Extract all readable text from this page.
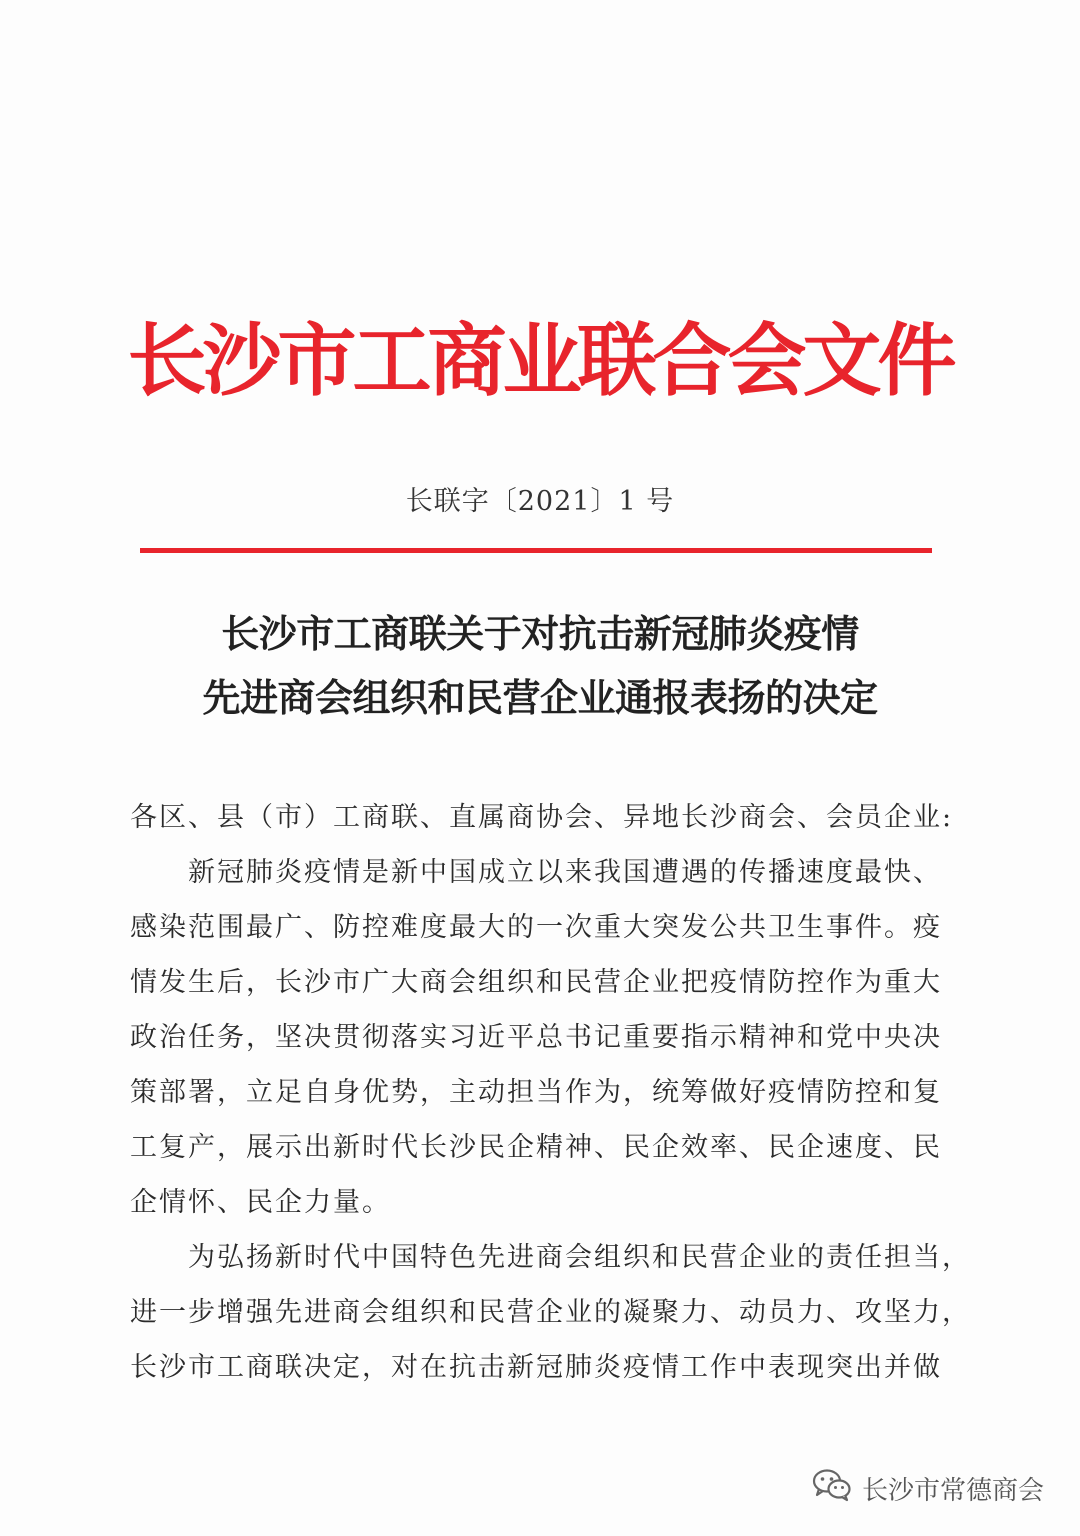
长沙市工商业联合会文件
长联字〔2021〕1 号
长沙市工商联关于对抗击新冠肺炎疫情
先进商会组织和民营企业通报表扬的决定
各区、县（市）工商联、直属商协会、异地长沙商会、会员企业:
新冠肺炎疫情是新中国成立以来我国遭遇的传播速度最快、
感染范围最广、防控难度最大的一次重大突发公共卫生事件。疫
情发生后，长沙市广大商会组织和民营企业把疫情防控作为重大
政治任务，坚决贯彻落实习近平总书记重要指示精神和党中央决
策部署，立足自身优势，主动担当作为，统筹做好疫情防控和复
工复产，展示出新时代长沙民企精神、民企效率、民企速度、民
企情怀、民企力量。
为弘扬新时代中国特色先进商会组织和民营企业的责任担当，
进一步增强先进商会组织和民营企业的凝聚力、动员力、攻坚力，
长沙市工商联决定，对在抗击新冠肺炎疫情工作中表现突出并做
长沙市常德商会
